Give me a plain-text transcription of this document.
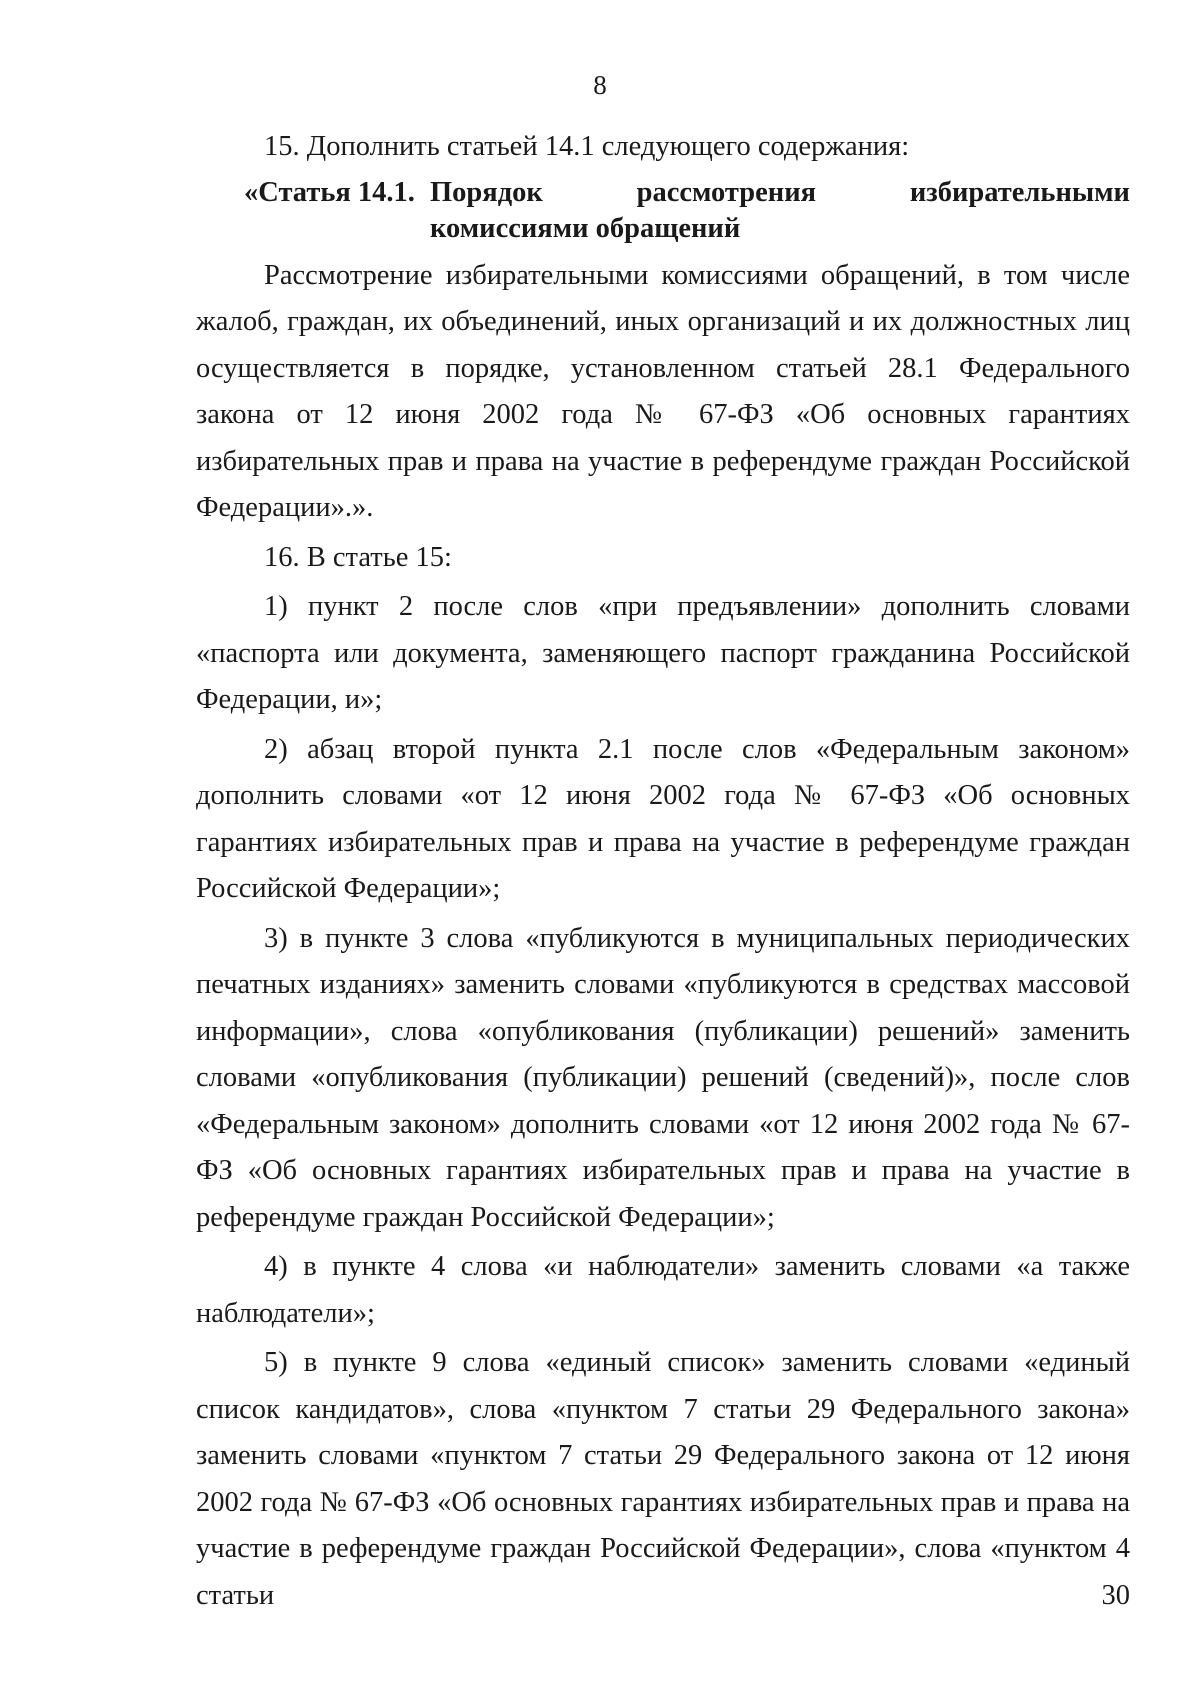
8

15. Дополнить статьей 14.1 следующего содержания:

«Статья 14.1. Порядок	рассмотрения	избирательными
комиссиями обращений

Рассмотрение избирательными комиссиями обращений, в том числе жалоб, граждан, их объединений, иных организаций и их должностных лиц осуществляется в порядке, установленном статьей 28.1 Федерального закона от 12 июня 2002 года № 67-ФЗ «Об основных гарантиях избирательных прав и права на участие в референдуме граждан Российской Федерации».».

16. В статье 15:

1) пункт 2 после слов «при предъявлении» дополнить словами «паспорта или документа, заменяющего паспорт гражданина Российской Федерации, и»;

2) абзац второй пункта 2.1 после слов «Федеральным законом» дополнить словами «от 12 июня 2002 года № 67-ФЗ «Об основных гарантиях избирательных прав и права на участие в референдуме граждан Российской Федерации»;

3) в пункте 3 слова «публикуются в муниципальных периодических печатных изданиях» заменить словами «публикуются в средствах массовой информации», слова «опубликования (публикации) решений» заменить словами «опубликования (публикации) решений (сведений)», после слов «Федеральным законом» дополнить словами «от 12 июня 2002 года № 67-ФЗ «Об основных гарантиях избирательных прав и права на участие в референдуме граждан Российской Федерации»;

4) в пункте 4 слова «и наблюдатели» заменить словами «а также наблюдатели»;

5) в пункте 9 слова «единый список» заменить словами «единый список кандидатов», слова «пунктом 7 статьи 29 Федерального закона» заменить словами «пунктом 7 статьи 29 Федерального закона от 12 июня 2002 года № 67-ФЗ «Об основных гарантиях избирательных прав и права на участие в референдуме граждан Российской Федерации», слова «пунктом 4 статьи 30
